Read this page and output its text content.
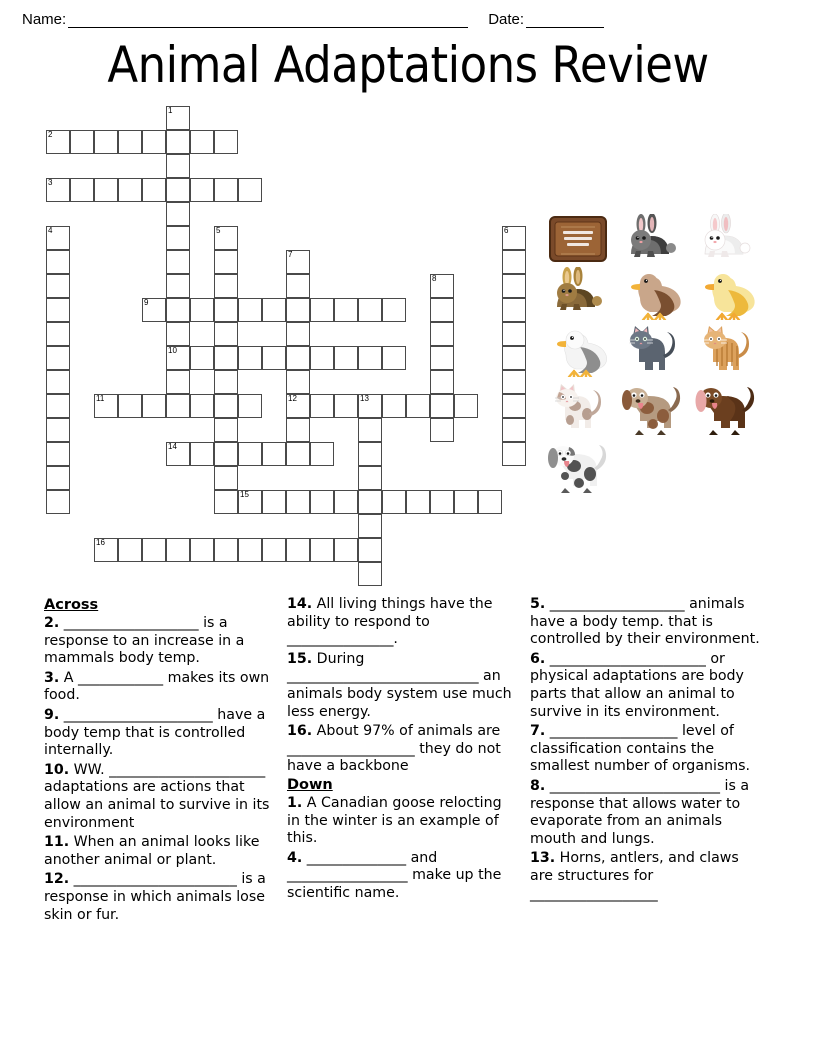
Name:	Date:
Animal Adaptations Review
1
10
2
3
4	5	6
7
12
8
9
11	13
14
15
16
Across

2. ___________________ is a response to an increase in a mammals body temp.

3. A ____________ makes its own food.

9. _____________________ have a body temp that is controlled internally.

10. WW. ______________________ adaptations are actions that allow an animal to survive in its environment

11. When an animal looks like another animal or plant.

12. _______________________ is a response in which animals lose skin or fur.

14. All living things have the ability to respond to _______________.

15. During ___________________________ an animals body system use much less energy.

16. About 97% of animals are __________________ they do not have a backbone

Down

1. A Canadian goose relocting in the winter is an example of this.

4. ______________ and _________________ make up the scientific name.

5. ___________________ animals have a body temp. that is controlled by their environment.

6. ______________________ or physical adaptations are body parts that allow an animal to survive in its environment.

7. __________________ level of classification contains the smallest number of organisms.

8. ________________________ is a response that allows water to evaporate from an animals mouth and lungs.

13. Horns, antlers, and claws are structures for __________________
